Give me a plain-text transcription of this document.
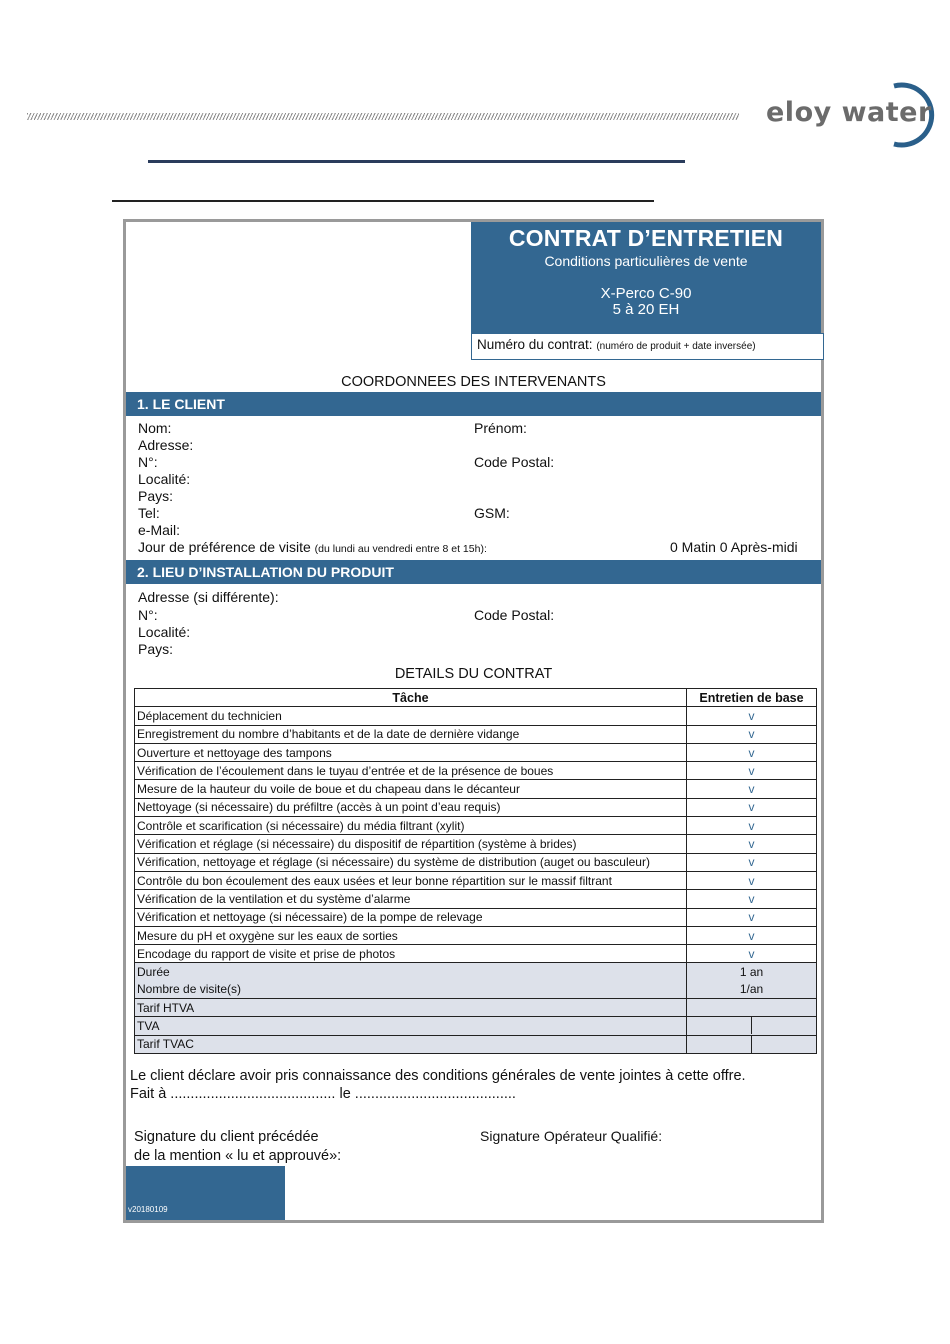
eloy water
CONTRAT D’ENTRETIEN
Conditions particulières de vente
X-Perco C-90
5 à 20 EH
Numéro du contrat: (numéro de produit + date inversée)
COORDONNEES DES INTERVENANTS
1. LE CLIENT
Nom:	Prénom:
Adresse:
N°:	Code Postal:
Localité:
Pays:
Tel:	GSM:
e-Mail:
Jour de préférence de visite (du lundi au vendredi entre 8 et 15h):	0 Matin 0 Après-midi
2. LIEU D’INSTALLATION DU PRODUIT
Adresse (si différente):
N°:	Code Postal:
Localité:
Pays:
DETAILS DU CONTRAT
Tâche	Entretien de base
Déplacement du technicien	v
Enregistrement du nombre d’habitants et de la date de dernière vidange	v
Ouverture et nettoyage des tampons	v
Vérification de l’écoulement dans le tuyau d’entrée et de la présence de boues	v
Mesure de la hauteur du voile de boue et du chapeau dans le décanteur	v
Nettoyage (si nécessaire) du préfiltre (accès à un point d’eau requis)	v
Contrôle et scarification (si nécessaire) du média filtrant (xylit)	v
Vérification et réglage (si nécessaire) du dispositif de répartition (système à brides)	v
Vérification, nettoyage et réglage (si nécessaire) du système de distribution (auget ou basculeur)	v
Contrôle du bon écoulement des eaux usées et leur bonne répartition sur le massif filtrant	v
Vérification de la ventilation et du système d’alarme	v
Vérification et nettoyage (si nécessaire) de la pompe de relevage	v
Mesure du pH et oxygène sur les eaux de sorties	v
Encodage du rapport de visite et prise de photos	v
Durée	1 an
Nombre de visite(s)	1/an
Tarif HTVA	
TVA	

Tarif TVAC	
Le client déclare avoir pris connaissance des conditions générales de vente jointes à cette offre.
Fait à ......................................... le ........................................
Signature du client précédée
de la mention « lu et approuvé»:
Signature Opérateur Qualifié:
v20180109
